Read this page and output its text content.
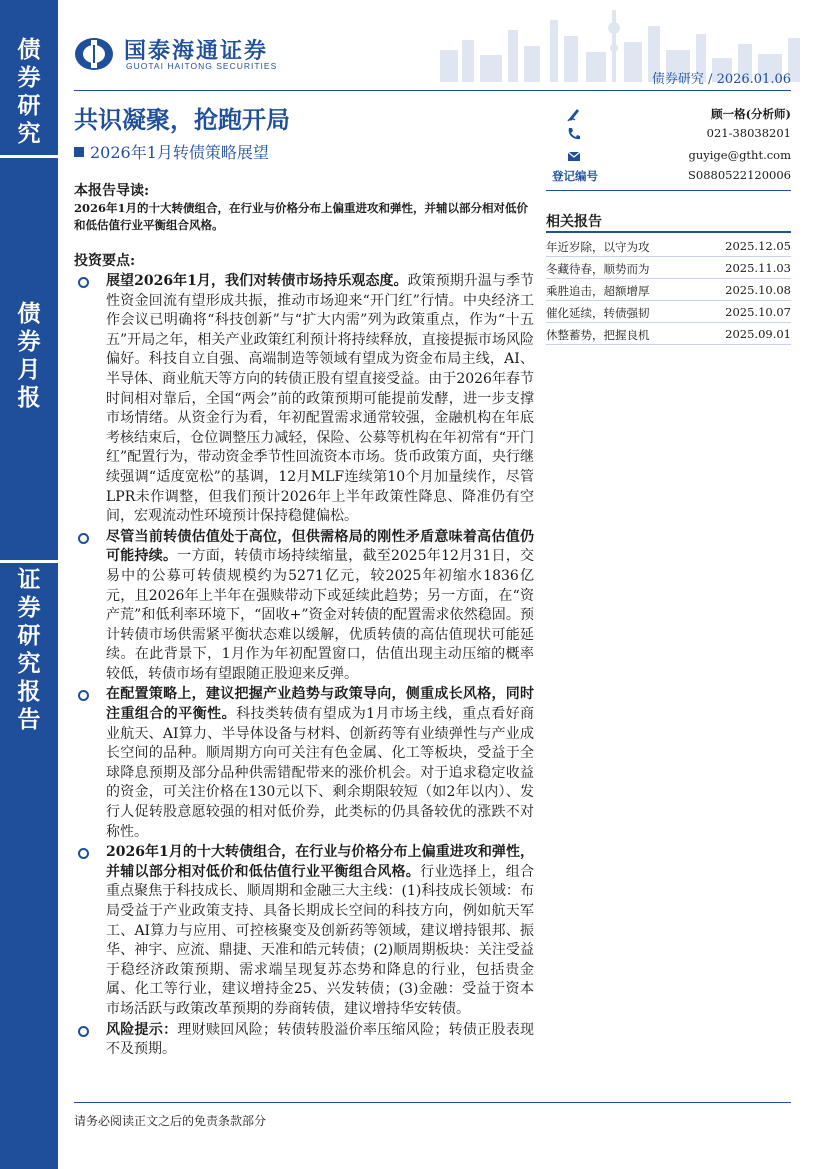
债
券
研
究
债
券
月
报
证
券
研
究
报
告
国泰海通证券
GUOTAI HAITONG SECURITIES
债券研究 / 2026.01.06
共识凝聚，抢跑开局
2026年1月转债策略展望
顾一格(分析师)
021-38038201
guyige@gtht.com
登记编号	S0880522120006
本报告导读:
2026年1月的十大转债组合，在行业与价格分布上偏重进攻和弹性，并辅以部分相对低价和低估值行业平衡组合风格。
投资要点:

展望2026年1月，我们对转债市场持乐观态度。政策预期升温与季节性资金回流有望形成共振，推动市场迎来“开门红”行情。中央经济工作会议已明确将“科技创新”与“扩大内需”列为政策重点，作为“十五五”开局之年，相关产业政策红利预计将持续释放，直接提振市场风险偏好。科技自立自强、高端制造等领域有望成为资金布局主线，AI、半导体、商业航天等方向的转债正股有望直接受益。由于2026年春节时间相对靠后，全国“两会”前的政策预期可能提前发酵，进一步支撑市场情绪。从资金行为看，年初配置需求通常较强，金融机构在年底考核结束后，仓位调整压力减轻，保险、公募等机构在年初常有“开门红”配置行为，带动资金季节性回流资本市场。货币政策方面，央行继续强调“适度宽松”的基调，12月MLF连续第10个月加量续作，尽管LPR未作调整，但我们预计2026年上半年政策性降息、降准仍有空间，宏观流动性环境预计保持稳健偏松。

尽管当前转债估值处于高位，但供需格局的刚性矛盾意味着高估值仍可能持续。一方面，转债市场持续缩量，截至2025年12月31日，交易中的公募可转债规模约为5271亿元，较2025年初缩水1836亿元，且2026年上半年在强赎带动下或延续此趋势；另一方面，在“资产荒”和低利率环境下，“固收+”资金对转债的配置需求依然稳固。预计转债市场供需紧平衡状态难以缓解，优质转债的高估值现状可能延续。在此背景下，1月作为年初配置窗口，估值出现主动压缩的概率较低，转债市场有望跟随正股迎来反弹。

在配置策略上，建议把握产业趋势与政策导向，侧重成长风格，同时注重组合的平衡性。科技类转债有望成为1月市场主线，重点看好商业航天、AI算力、半导体设备与材料、创新药等有业绩弹性与产业成长空间的品种。顺周期方向可关注有色金属、化工等板块，受益于全球降息预期及部分品种供需错配带来的涨价机会。对于追求稳定收益的资金，可关注价格在130元以下、剩余期限较短（如2年以内）、发行人促转股意愿较强的相对低价券，此类标的仍具备较优的涨跌不对称性。

2026年1月的十大转债组合，在行业与价格分布上偏重进攻和弹性，并辅以部分相对低价和低估值行业平衡组合风格。行业选择上，组合重点聚焦于科技成长、顺周期和金融三大主线：(1)科技成长领域：布局受益于产业政策支持、具备长期成长空间的科技方向，例如航天军工、AI算力与应用、可控核聚变及创新药等领域，建议增持银邦、振华、神宇、应流、鼎捷、天准和皓元转债；(2)顺周期板块：关注受益于稳经济政策预期、需求端呈现复苏态势和降息的行业，包括贵金属、化工等行业，建议增持金25、兴发转债；(3)金融：受益于资本市场活跃与政策改革预期的券商转债，建议增持华安转债。

风险提示：理财赎回风险；转债转股溢价率压缩风险；转债正股表现不及预期。

相关报告
年近岁除，以守为攻	2025.12.05
冬藏待春，顺势而为	2025.11.03
乘胜追击，超额增厚	2025.10.08
催化延续，转债强韧	2025.10.07
休整蓄势，把握良机	2025.09.01
请务必阅读正文之后的免责条款部分
